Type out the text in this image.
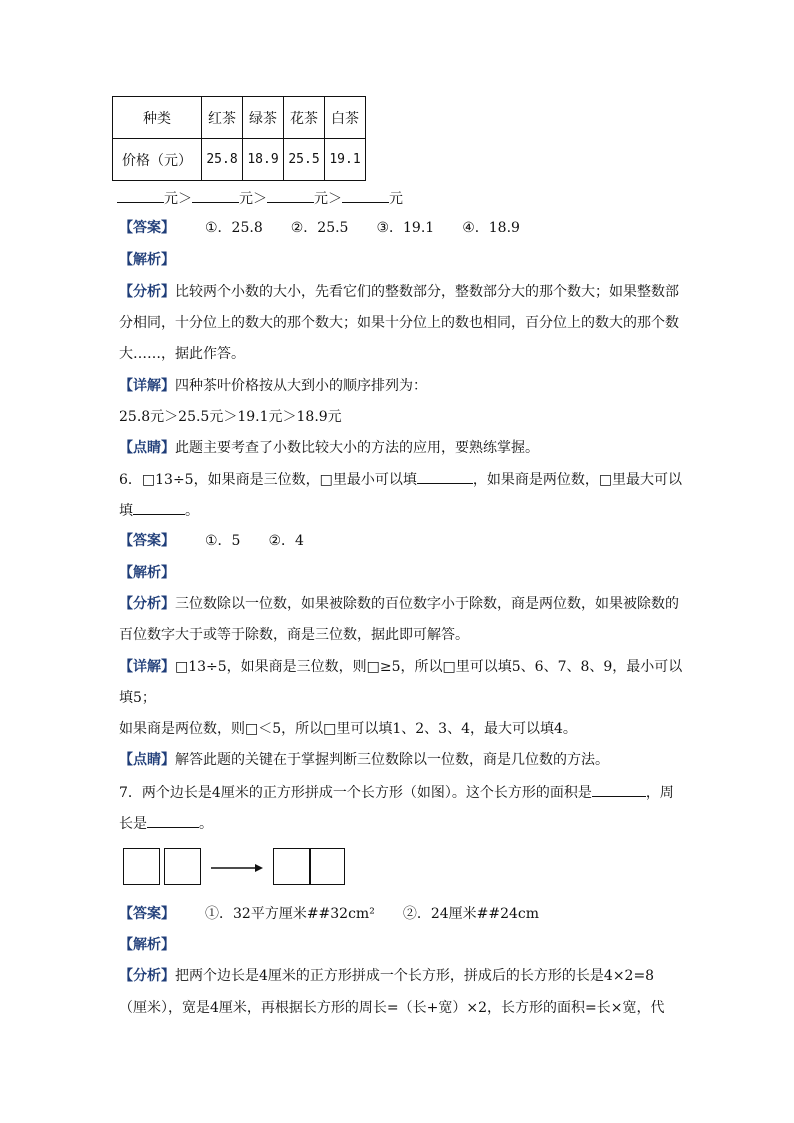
种类	红茶	绿茶	花茶	白茶
价格（元）	25.8	18.9	25.5	19.1
元＞	元＞	元＞	元
【答案】 ①．25.8 ②．25.5 ③．19.1 ④．18.9
【解析】
【分析】比较两个小数的大小，先看它们的整数部分，整数部分大的那个数大；如果整数部
分相同，十分位上的数大的那个数大；如果十分位上的数也相同，百分位上的数大的那个数
大……，据此作答。
【详解】四种茶叶价格按从大到小的顺序排列为：
25.8元＞25.5元＞19.1元＞18.9元
【点睛】此题主要考查了小数比较大小的方法的应用，要熟练掌握。
6．□13÷5，如果商是三位数，□里最小可以填	，如果商是两位数，□里最大可以
填	。
【答案】 ①．5 ②．4
【解析】
【分析】三位数除以一位数，如果被除数的百位数字小于除数，商是两位数，如果被除数的
百位数字大于或等于除数，商是三位数，据此即可解答。
【详解】□13÷5，如果商是三位数，则□≥5，所以□里可以填5、6、7、8、9，最小可以
填5；
如果商是两位数，则□＜5，所以□里可以填1、2、3、4，最大可以填4。
【点睛】解答此题的关键在于掌握判断三位数除以一位数，商是几位数的方法。
7．两个边长是4厘米的正方形拼成一个长方形（如图）。这个长方形的面积是	，周
长是	。
【答案】 ①．32平方厘米##32cm² ②．24厘米##24cm
【解析】
【分析】把两个边长是4厘米的正方形拼成一个长方形，拼成后的长方形的长是4×2=8
（厘米），宽是4厘米，再根据长方形的周长=（长+宽）×2，长方形的面积=长×宽，代
